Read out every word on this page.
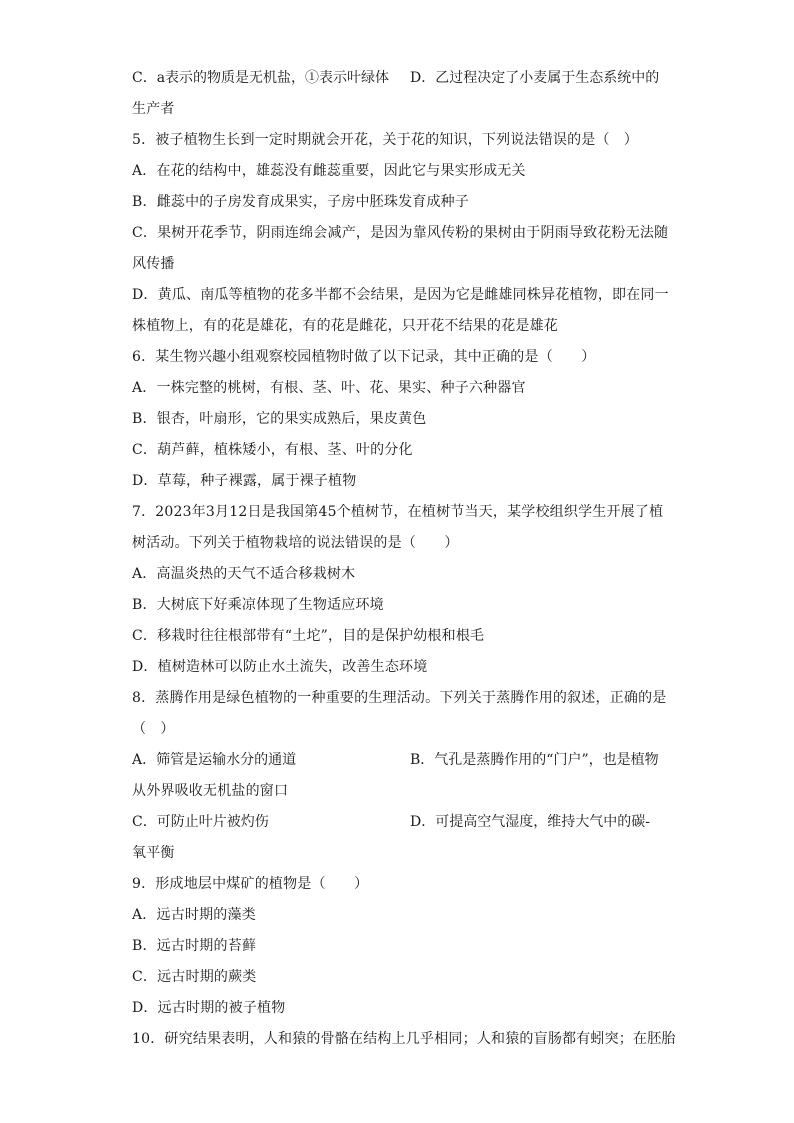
C．a表示的物质是无机盐，①表示叶绿体	D．乙过程决定了小麦属于生态系统中的
生产者
5．被子植物生长到一定时期就会开花，关于花的知识，下列说法错误的是（　）
A．在花的结构中，雄蕊没有雌蕊重要，因此它与果实形成无关
B．雌蕊中的子房发育成果实，子房中胚珠发育成种子
C．果树开花季节，阴雨连绵会减产，是因为靠风传粉的果树由于阴雨导致花粉无法随
风传播
D．黄瓜、南瓜等植物的花多半都不会结果，是因为它是雌雄同株异花植物，即在同一
株植物上，有的花是雄花，有的花是雌花，只开花不结果的花是雄花
6．某生物兴趣小组观察校园植物时做了以下记录，其中正确的是（　　）
A．一株完整的桃树，有根、茎、叶、花、果实、种子六种器官
B．银杏，叶扇形，它的果实成熟后，果皮黄色
C．葫芦藓，植株矮小，有根、茎、叶的分化
D．草莓，种子裸露，属于裸子植物
7．2023年3月12日是我国第45个植树节，在植树节当天，某学校组织学生开展了植
树活动。下列关于植物栽培的说法错误的是（　　）
A．高温炎热的天气不适合移栽树木
B．大树底下好乘凉体现了生物适应环境
C．移栽时往往根部带有“土坨”，目的是保护幼根和根毛
D．植树造林可以防止水土流失，改善生态环境
8．蒸腾作用是绿色植物的一种重要的生理活动。下列关于蒸腾作用的叙述，正确的是
（　）
A．筛管是运输水分的通道	B．气孔是蒸腾作用的“门户”，也是植物
从外界吸收无机盐的窗口
C．可防止叶片被灼伤	D．可提高空气湿度，维持大气中的碳-
氧平衡
9．形成地层中煤矿的植物是（　　）
A．远古时期的藻类
B．远古时期的苔藓
C．远古时期的蕨类
D．远古时期的被子植物
10．研究结果表明，人和猿的骨骼在结构上几乎相同；人和猿的盲肠都有蚓突；在胚胎
